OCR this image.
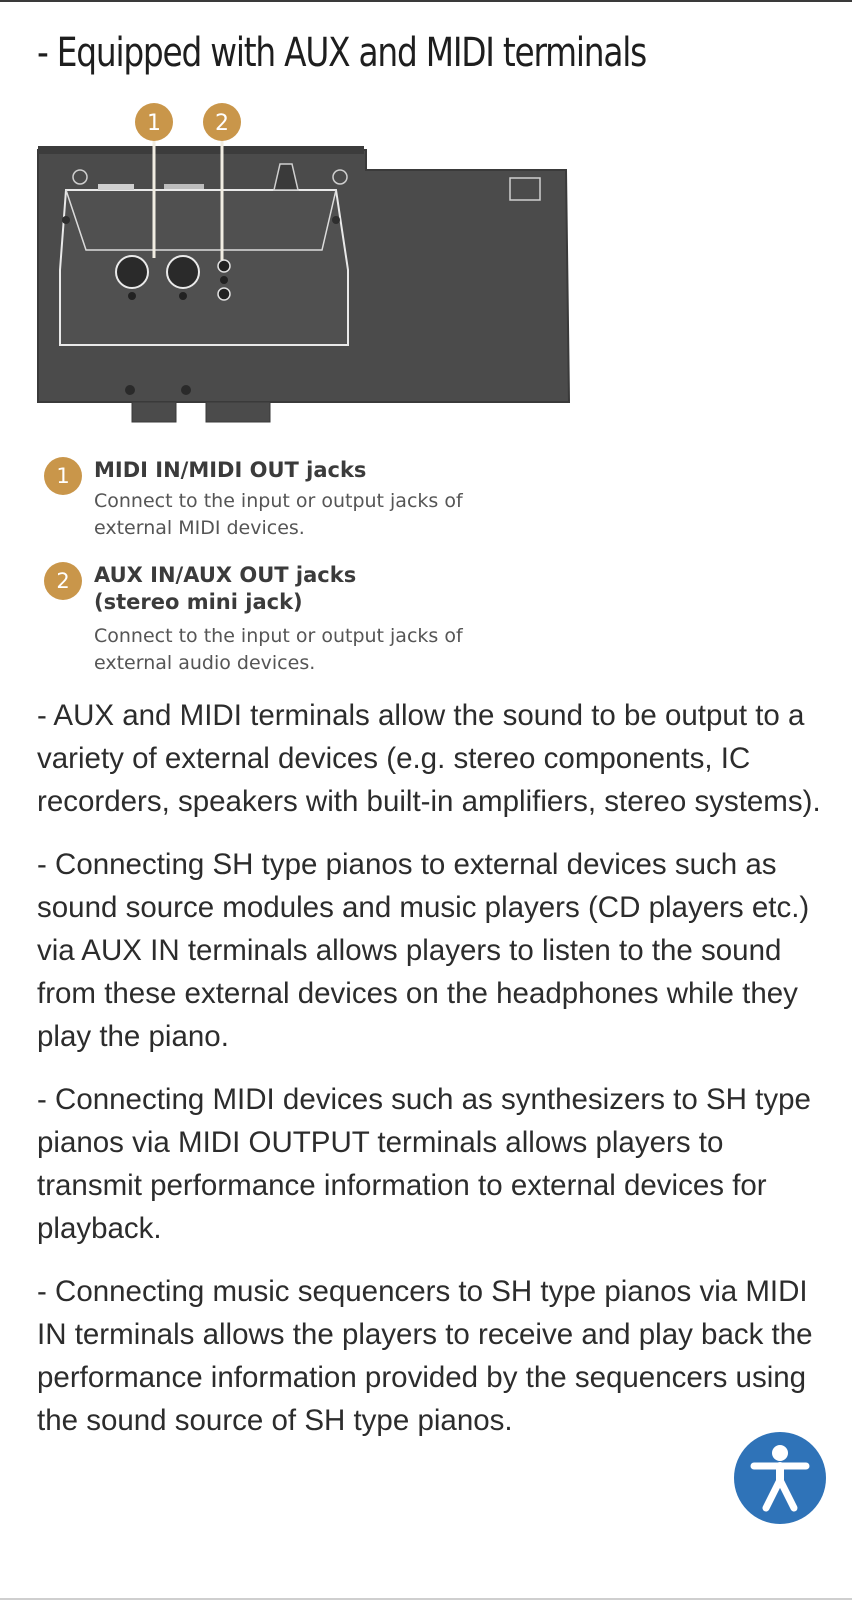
- Equipped with AUX and MIDI terminals
1 2
1	MIDI IN/MIDI OUT jacks
Connect to the input or output jacks of external MIDI devices.
2	AUX IN/AUX OUT jacks
(stereo mini jack)
Connect to the input or output jacks of external audio devices.

- AUX and MIDI terminals allow the sound to be output to a variety of external devices (e.g. stereo components, IC recorders, speakers with built-in amplifiers, stereo systems).

- Connecting SH type pianos to external devices such as sound source modules and music players (CD players etc.) via AUX IN terminals allows players to listen to the sound from these external devices on the headphones while they play the piano.

- Connecting MIDI devices such as synthesizers to SH type pianos via MIDI OUTPUT terminals allows players to transmit performance information to external devices for playback.

- Connecting music sequencers to SH type pianos via MIDI IN terminals allows the players to receive and play back the performance information provided by the sequencers using the sound source of SH type pianos.
